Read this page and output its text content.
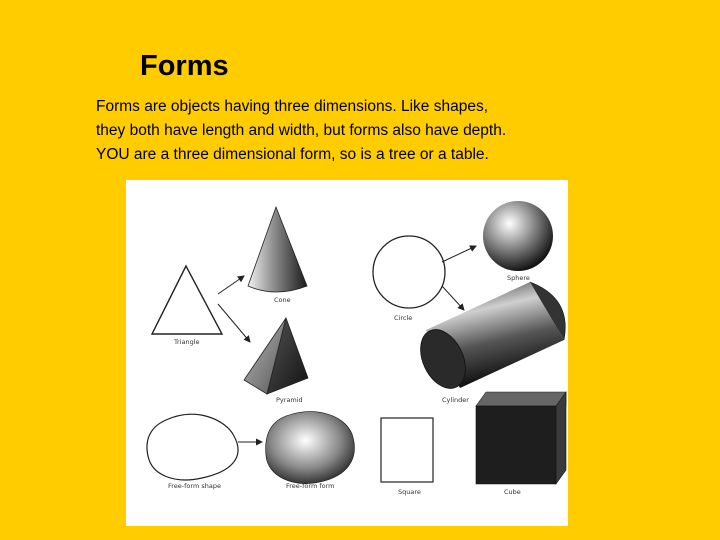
Forms
Forms are objects having three dimensions. Like shapes,
they both have length and width, but forms also have depth.
YOU are a three dimensional form, so is a tree or a table.
Triangle
Cone
Pyramid
Circle
Sphere
Cylinder
Free-form shape	Free-form form
Square	Cube
